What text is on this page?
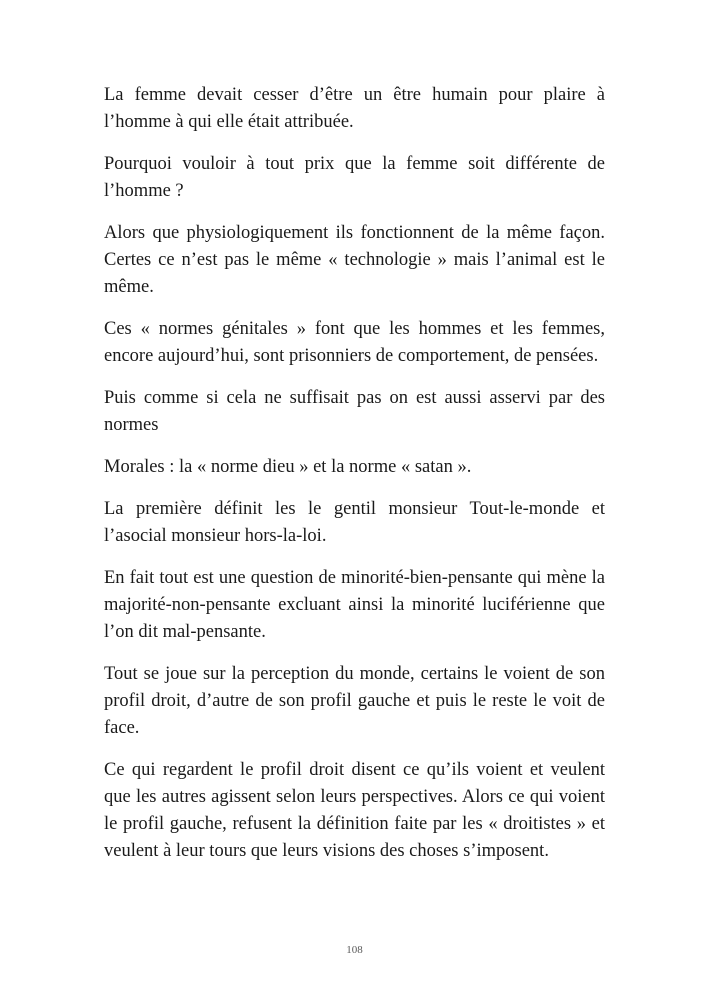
La femme devait cesser d’être un être humain pour plaire à l’homme à qui elle était attribuée.

Pourquoi vouloir à tout prix que la femme soit différente de l’homme ?

Alors que physiologiquement ils fonctionnent de la même façon. Certes ce n’est pas le même « technologie » mais l’animal est le même.

Ces « normes génitales » font que les hommes et les femmes, encore aujourd’hui, sont prisonniers de comportement, de pensées.

Puis comme si cela ne suffisait pas on est aussi asservi par des normes

Morales : la « norme dieu » et la norme « satan ».

La première définit les le gentil monsieur Tout-le-monde et l’asocial monsieur hors-la-loi.

En fait tout est une question de minorité-bien-pensante qui mène la majorité-non-pensante excluant ainsi la minorité luciférienne que l’on dit mal-pensante.

Tout se joue sur la perception du monde, certains le voient de son profil droit, d’autre de son profil gauche et puis le reste le voit de face.

Ce qui regardent le profil droit disent ce qu’ils voient et veulent que les autres agissent selon leurs perspectives. Alors ce qui voient le profil gauche, refusent la définition faite par les « droitistes » et veulent à leur tours que leurs visions des choses s’imposent.

108
